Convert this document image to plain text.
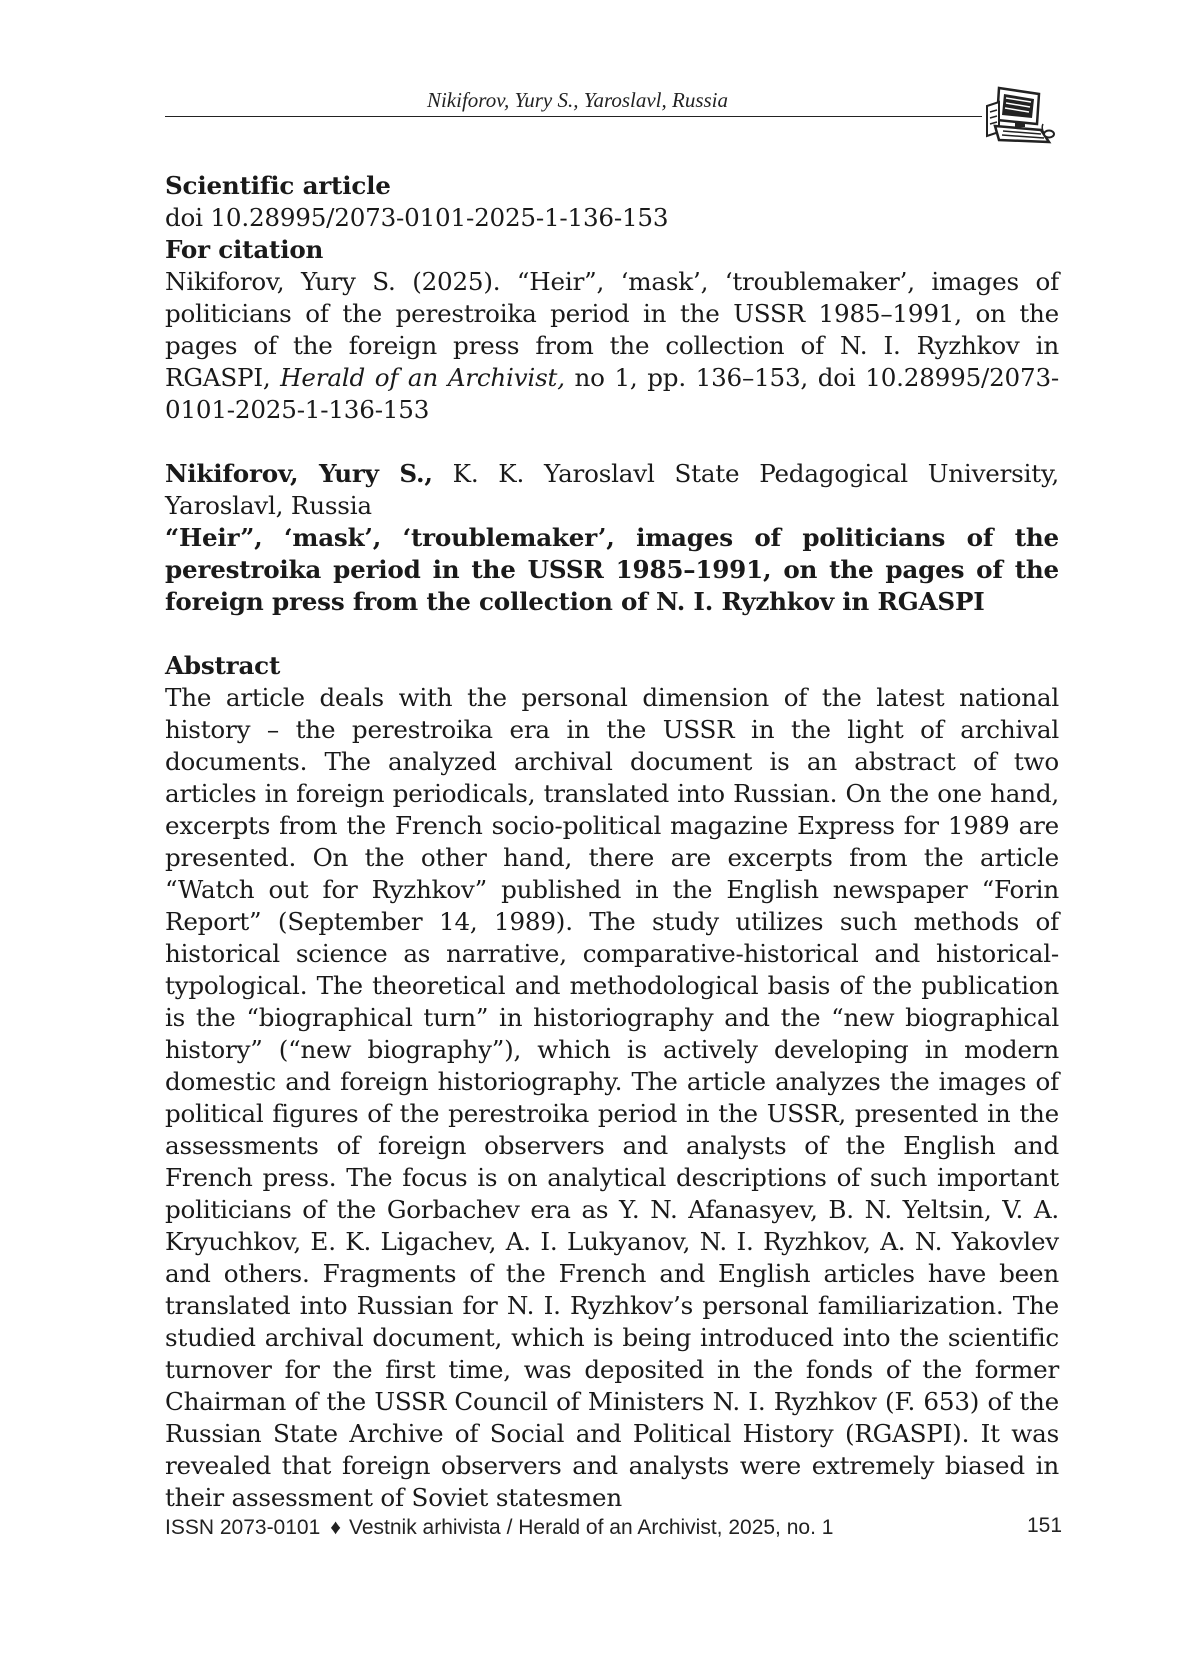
Nikiforov, Yury S., Yaroslavl, Russia

Scientific article

doi 10.28995/2073-0101-2025-1-136-153

For citation

Nikiforov, Yury S. (2025). “Heir”, ‘mask’, ‘troublemaker’, images of politicians of the perestroika period in the USSR 1985–1991, on the pages of the foreign press from the collection of N. I. Ryzhkov in RGASPI, Herald of an Archivist, no 1, pp. 136–153, doi 10.28995/2073-0101-2025-1-136-153

Nikiforov, Yury S., K. K. Yaroslavl State Pedagogical University, Yaroslavl, Russia

“Heir”, ‘mask’, ‘troublemaker’, images of politicians of the perestroika period in the USSR 1985–1991, on the pages of the foreign press from the collection of N. I. Ryzhkov in RGASPI

Abstract

The article deals with the personal dimension of the latest national history – the perestroika era in the USSR in the light of archival documents. The analyzed archival document is an abstract of two articles in foreign periodicals, translated into Russian. On the one hand, excerpts from the French socio-political magazine Express for 1989 are presented. On the other hand, there are excerpts from the article “Watch out for Ryzhkov” published in the English newspaper “Forin Report” (September 14, 1989). The study utilizes such methods of historical science as narrative, comparative-historical and historical-typological. The theoretical and methodological basis of the publication is the “biographical turn” in historiography and the “new biographical history” (“new biography”), which is actively developing in modern domestic and foreign historiography. The article analyzes the images of political figures of the perestroika period in the USSR, presented in the assessments of foreign observers and analysts of the English and French press. The focus is on analytical descriptions of such important politicians of the Gorbachev era as Y. N. Afanasyev, B. N. Yeltsin, V. A. Kryuchkov, E. K. Ligachev, A. I. Lukyanov, N. I. Ryzhkov, A. N. Yakovlev and others. Fragments of the French and English articles have been translated into Russian for N. I. Ryzhkov’s personal familiarization. The studied archival document, which is being introduced into the scientific turnover for the first time, was deposited in the fonds of the former Chairman of the USSR Council of Ministers N. I. Ryzhkov (F. 653) of the Russian State Archive of Social and Political History (RGASPI). It was revealed that foreign observers and analysts were extremely biased in their assessment of Soviet statesmen

ISSN 2073-0101 ♦ Vestnik arhivista / Herald of an Archivist, 2025, no. 1	151
